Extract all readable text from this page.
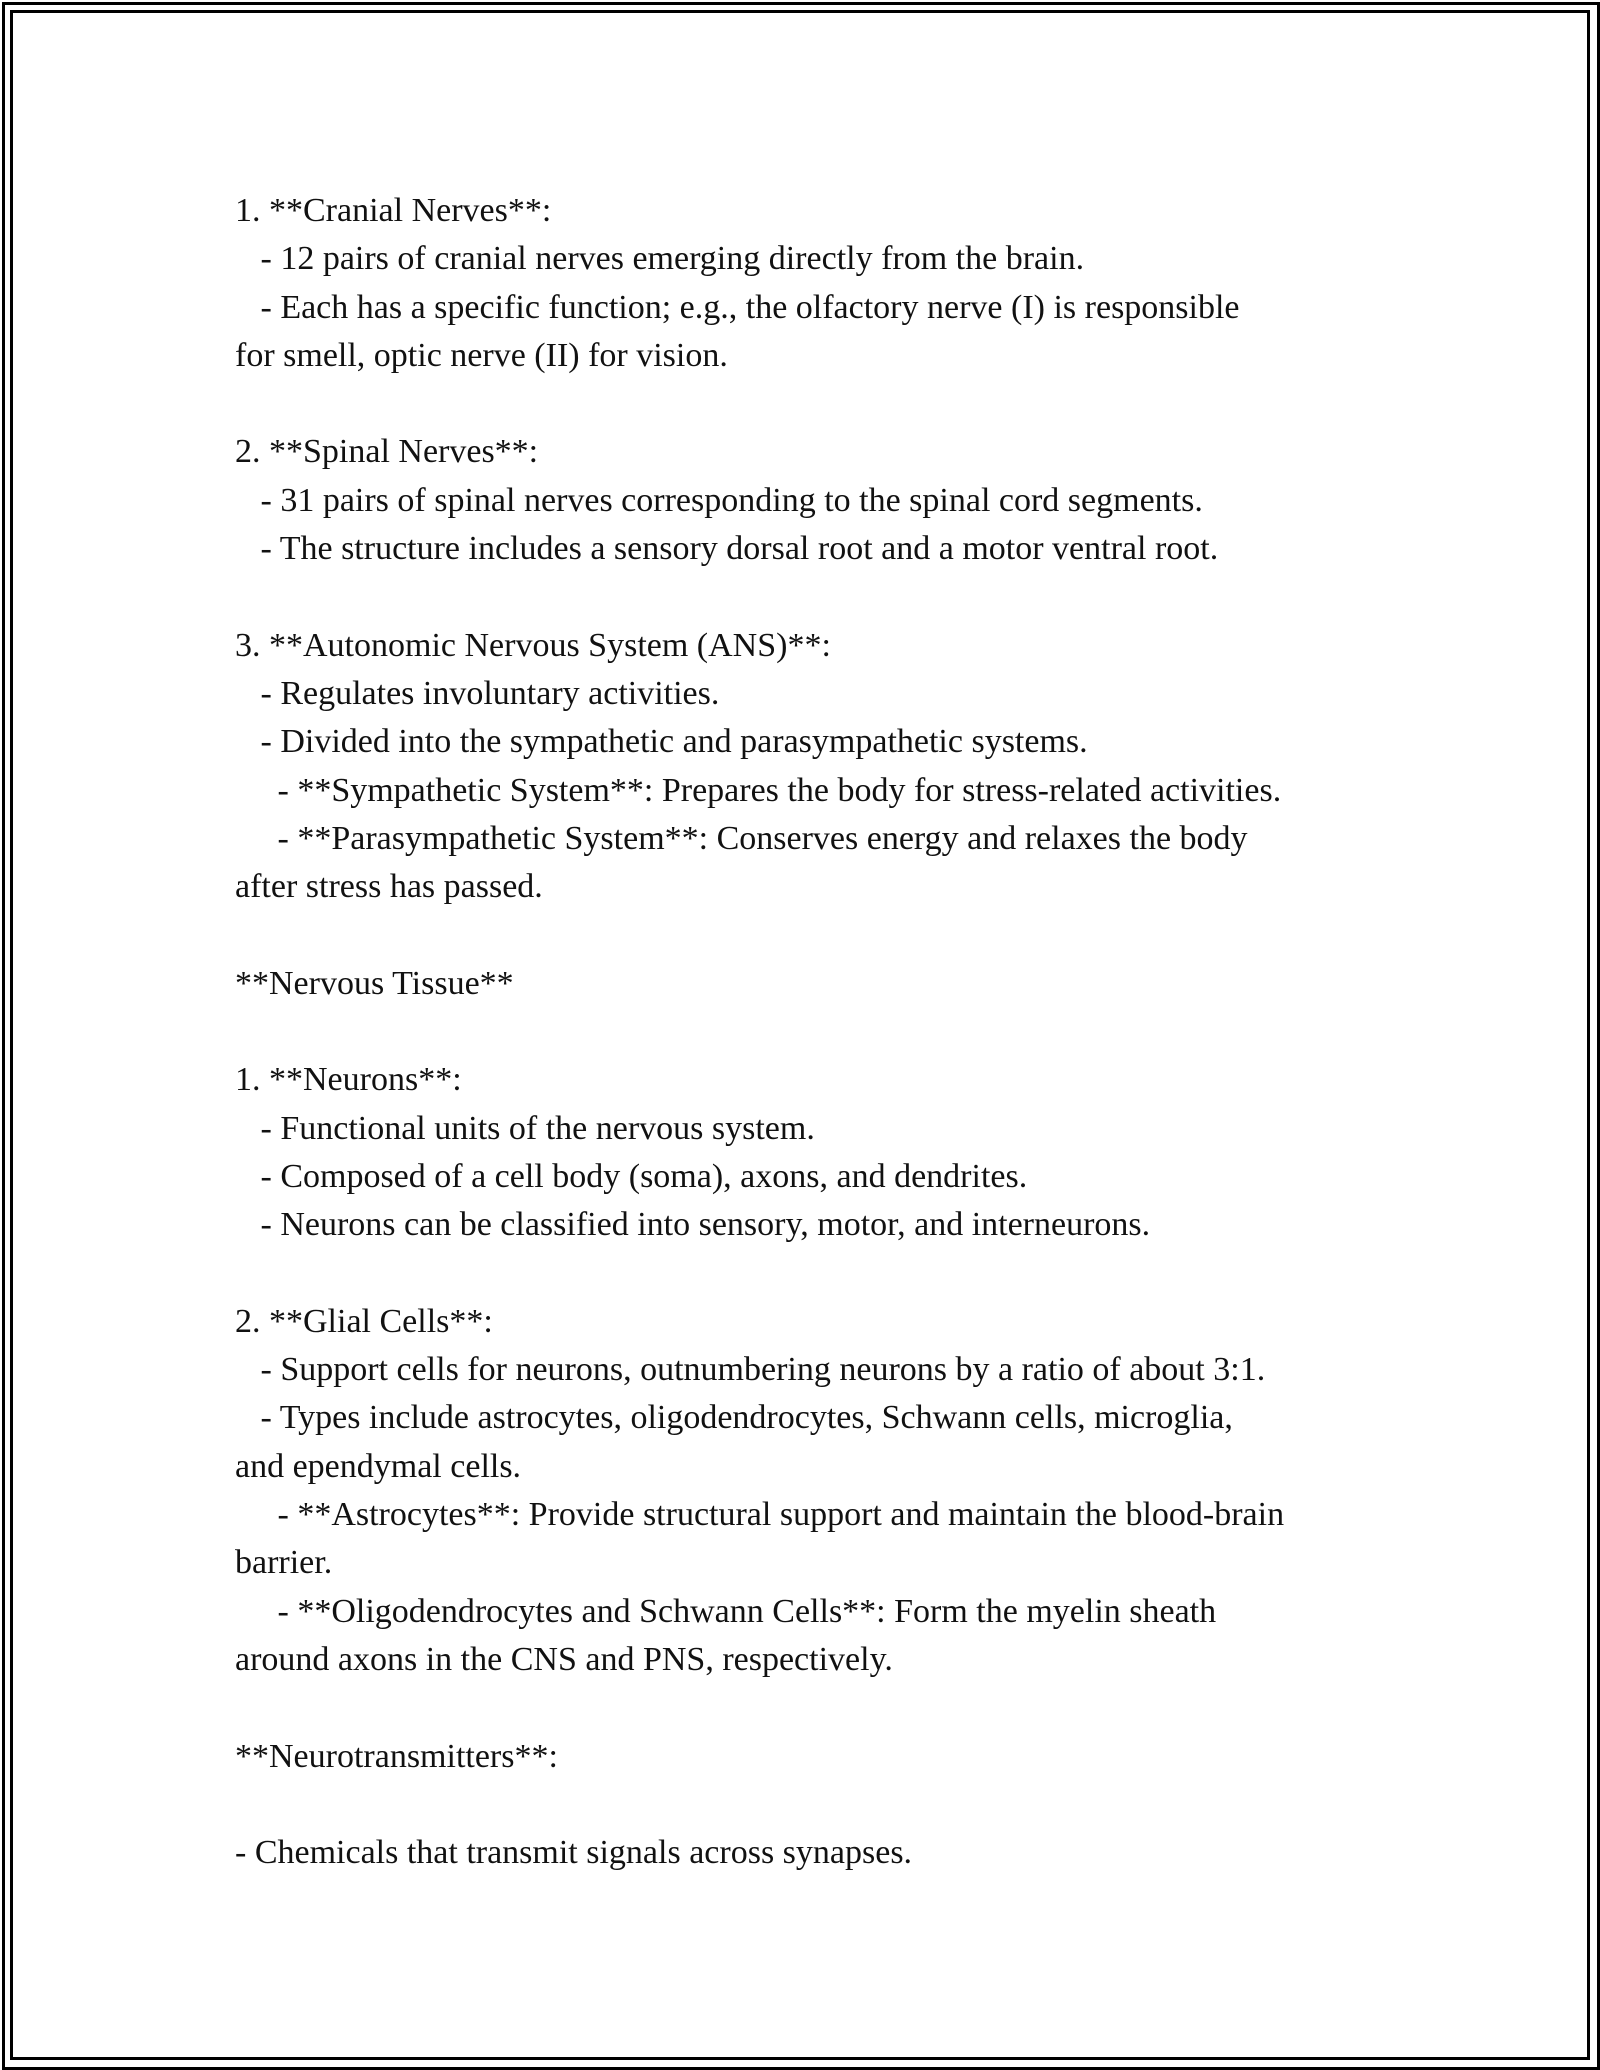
1. **Cranial Nerves**:
- 12 pairs of cranial nerves emerging directly from the brain.
- Each has a specific function; e.g., the olfactory nerve (I) is responsible
for smell, optic nerve (II) for vision.
2. **Spinal Nerves**:
- 31 pairs of spinal nerves corresponding to the spinal cord segments.
- The structure includes a sensory dorsal root and a motor ventral root.
3. **Autonomic Nervous System (ANS)**:
- Regulates involuntary activities.
- Divided into the sympathetic and parasympathetic systems.
- **Sympathetic System**: Prepares the body for stress-related activities.
- **Parasympathetic System**: Conserves energy and relaxes the body
after stress has passed.
**Nervous Tissue**
1. **Neurons**:
- Functional units of the nervous system.
- Composed of a cell body (soma), axons, and dendrites.
- Neurons can be classified into sensory, motor, and interneurons.
2. **Glial Cells**:
- Support cells for neurons, outnumbering neurons by a ratio of about 3:1.
- Types include astrocytes, oligodendrocytes, Schwann cells, microglia,
and ependymal cells.
- **Astrocytes**: Provide structural support and maintain the blood-brain
barrier.
- **Oligodendrocytes and Schwann Cells**: Form the myelin sheath
around axons in the CNS and PNS, respectively.
**Neurotransmitters**:
- Chemicals that transmit signals across synapses.
